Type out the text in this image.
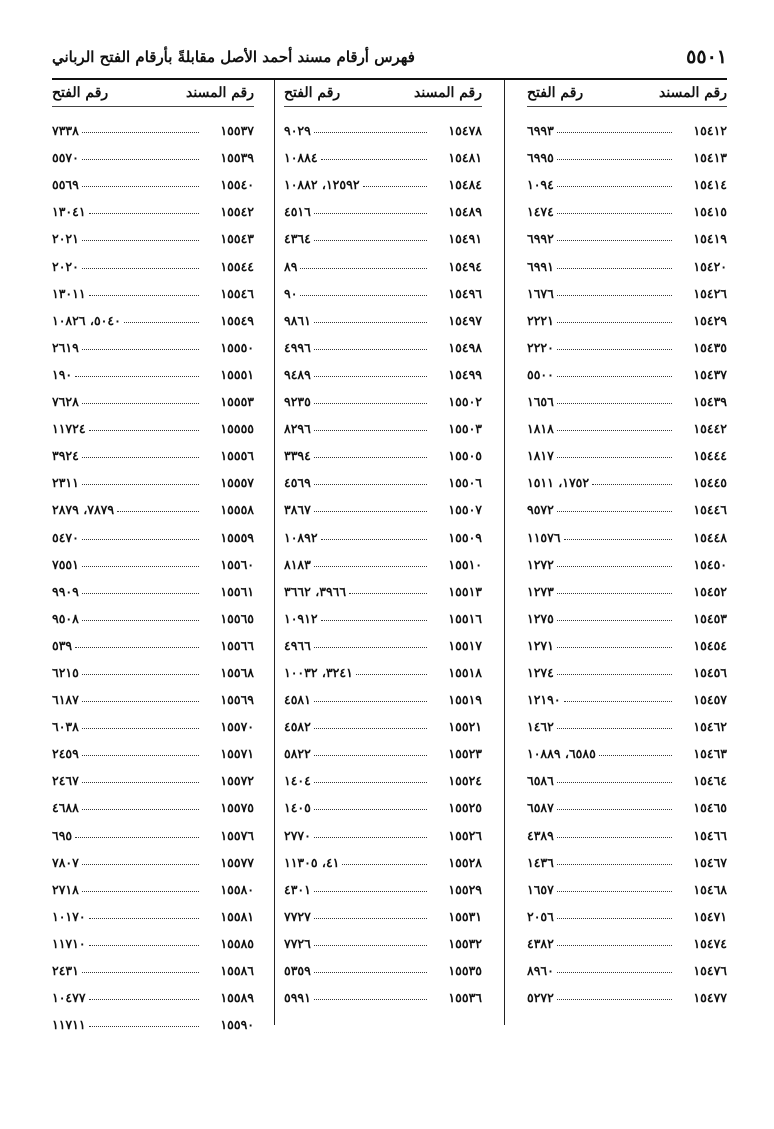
٥٥٠١
فهرس أرقام مسند أحمد الأصل مقابلةً بأرقام الفتح الرباني
رقم المسند
رقم الفتح
١٥٤١٢
٦٩٩٣
١٥٤١٣
٦٩٩٥
١٥٤١٤
١٠٩٤
١٥٤١٥
١٤٧٤
١٥٤١٩
٦٩٩٢
١٥٤٢٠
٦٩٩١
١٥٤٢٦
١٦٧٦
١٥٤٢٩
٢٢٢١
١٥٤٣٥
٢٢٢٠
١٥٤٣٧
٥٥٠٠
١٥٤٣٩
١٦٥٦
١٥٤٤٢
١٨١٨
١٥٤٤٤
١٨١٧
١٥٤٤٥
١٧٥٢، ١٥١١
١٥٤٤٦
٩٥٧٢
١٥٤٤٨
١١٥٧٦
١٥٤٥٠
١٢٧٢
١٥٤٥٢
١٢٧٣
١٥٤٥٣
١٢٧٥
١٥٤٥٤
١٢٧١
١٥٤٥٦
١٢٧٤
١٥٤٥٧
١٢١٩٠
١٥٤٦٢
١٤٦٢
١٥٤٦٣
٦٥٨٥، ١٠٨٨٩
١٥٤٦٤
٦٥٨٦
١٥٤٦٥
٦٥٨٧
١٥٤٦٦
٤٣٨٩
١٥٤٦٧
١٤٣٦
١٥٤٦٨
١٦٥٧
١٥٤٧١
٢٠٥٦
١٥٤٧٤
٤٣٨٢
١٥٤٧٦
٨٩٦٠
١٥٤٧٧
٥٢٧٢
رقم المسند
رقم الفتح
١٥٤٧٨
٩٠٢٩
١٥٤٨١
١٠٨٨٤
١٥٤٨٤
١٢٥٩٢، ١٠٨٨٢
١٥٤٨٩
٤٥١٦
١٥٤٩١
٤٣٦٤
١٥٤٩٤
٨٩
١٥٤٩٦
٩٠
١٥٤٩٧
٩٨٦١
١٥٤٩٨
٤٩٩٦
١٥٤٩٩
٩٤٨٩
١٥٥٠٢
٩٢٣٥
١٥٥٠٣
٨٢٩٦
١٥٥٠٥
٣٣٩٤
١٥٥٠٦
٤٥٦٩
١٥٥٠٧
٣٨٦٧
١٥٥٠٩
١٠٨٩٢
١٥٥١٠
٨١٨٣
١٥٥١٣
٣٩٦٦، ٣٦٦٢
١٥٥١٦
١٠٩١٢
١٥٥١٧
٤٩٦٦
١٥٥١٨
٣٢٤١، ١٠٠٣٢
١٥٥١٩
٤٥٨١
١٥٥٢١
٤٥٨٢
١٥٥٢٣
٥٨٢٢
١٥٥٢٤
١٤٠٤
١٥٥٢٥
١٤٠٥
١٥٥٢٦
٢٧٧٠
١٥٥٢٨
٤١، ١١٣٠٥
١٥٥٢٩
٤٣٠١
١٥٥٣١
٧٧٢٧
١٥٥٣٢
٧٧٢٦
١٥٥٣٥
٥٣٥٩
١٥٥٣٦
٥٩٩١
رقم المسند
رقم الفتح
١٥٥٣٧
٧٣٣٨
١٥٥٣٩
٥٥٧٠
١٥٥٤٠
٥٥٦٩
١٥٥٤٢
١٣٠٤١
١٥٥٤٣
٢٠٢١
١٥٥٤٤
٢٠٢٠
١٥٥٤٦
١٣٠١١
١٥٥٤٩
٥٠٤٠، ١٠٨٢٦
١٥٥٥٠
٢٦١٩
١٥٥٥١
١٩٠
١٥٥٥٣
٧٦٢٨
١٥٥٥٥
١١٧٢٤
١٥٥٥٦
٣٩٢٤
١٥٥٥٧
٢٣١١
١٥٥٥٨
٧٨٧٩، ٢٨٧٩
١٥٥٥٩
٥٤٧٠
١٥٥٦٠
٧٥٥١
١٥٥٦١
٩٩٠٩
١٥٥٦٥
٩٥٠٨
١٥٥٦٦
٥٣٩
١٥٥٦٨
٦٢١٥
١٥٥٦٩
٦١٨٧
١٥٥٧٠
٦٠٣٨
١٥٥٧١
٢٤٥٩
١٥٥٧٢
٢٤٦٧
١٥٥٧٥
٤٦٨٨
١٥٥٧٦
٦٩٥
١٥٥٧٧
٧٨٠٧
١٥٥٨٠
٢٧١٨
١٥٥٨١
١٠١٧٠
١٥٥٨٥
١١٧١٠
١٥٥٨٦
٢٤٣١
١٥٥٨٩
١٠٤٧٧
١٥٥٩٠
١١٧١١
